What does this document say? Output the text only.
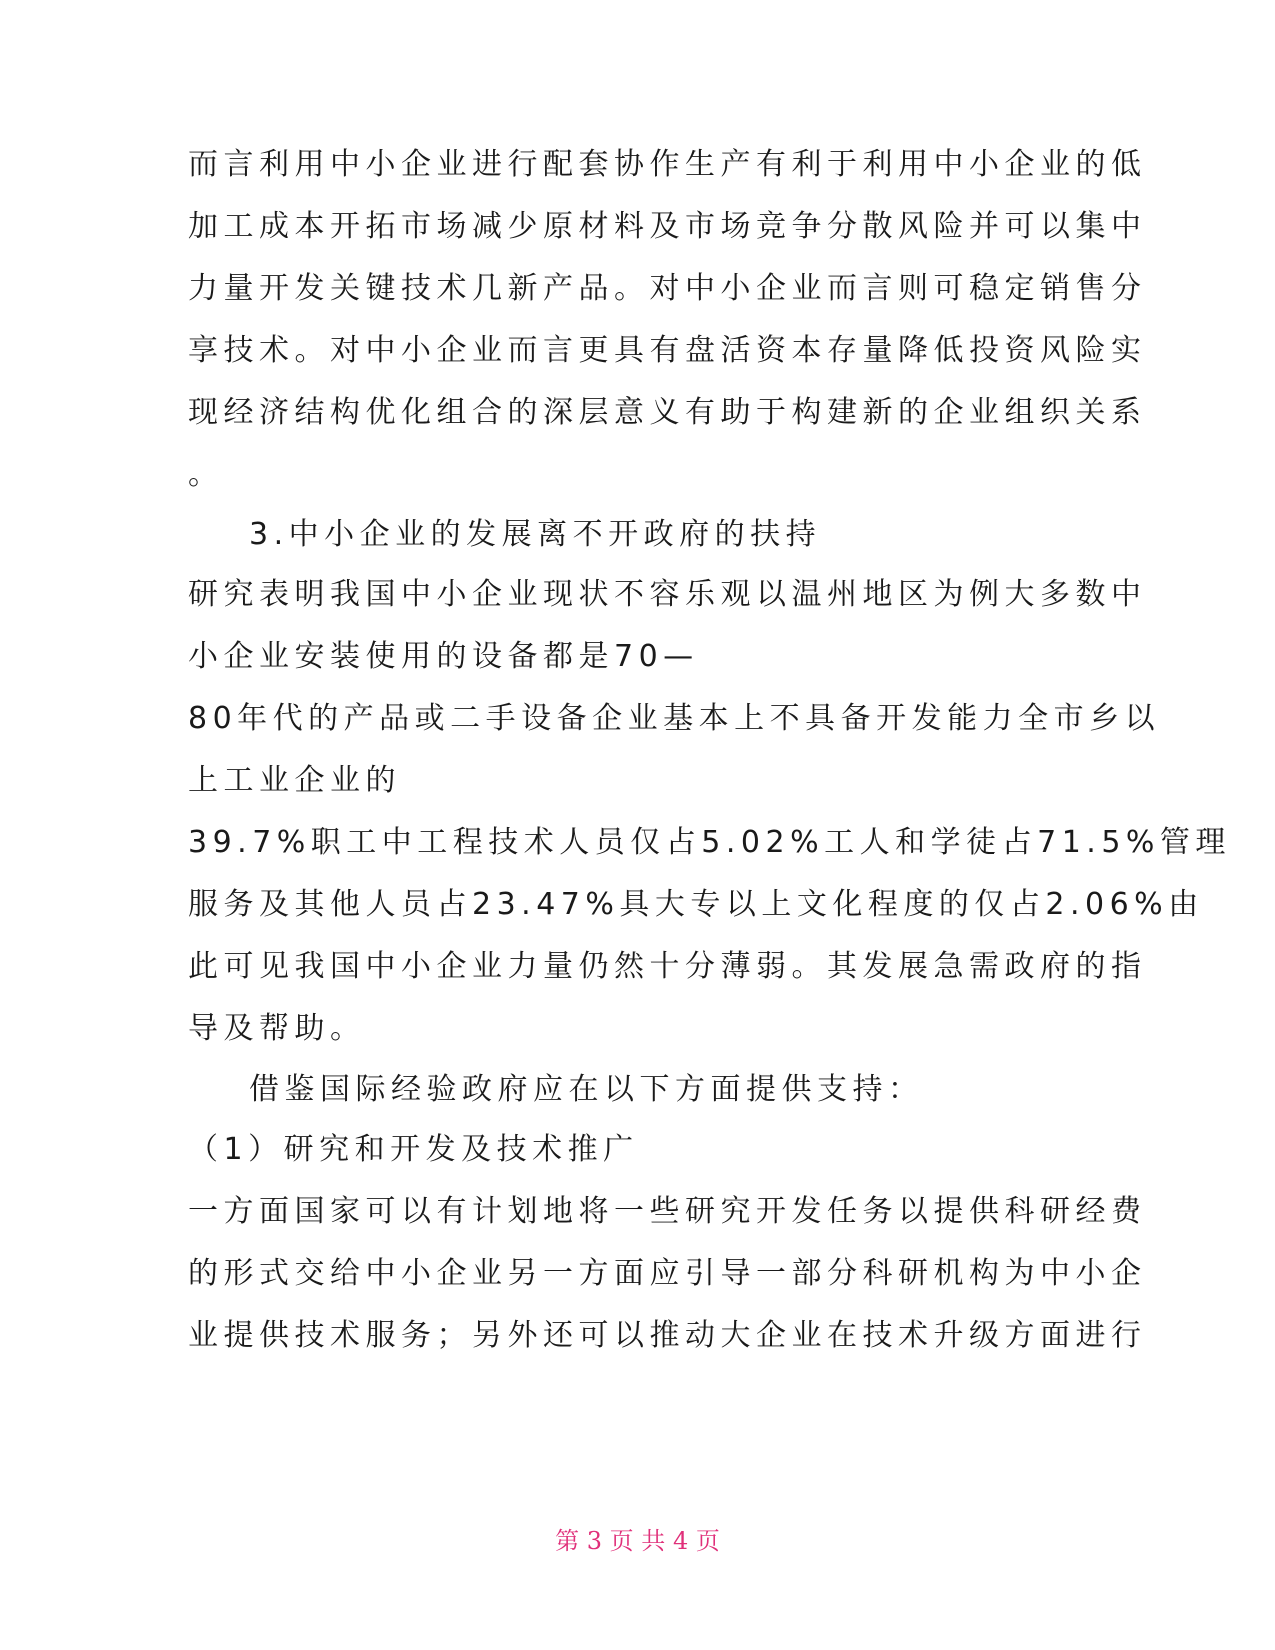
而言利用中小企业进行配套协作生产有利于利用中小企业的低
加工成本开拓市场减少原材料及市场竞争分散风险并可以集中
力量开发关键技术几新产品。对中小企业而言则可稳定销售分
享技术。对中小企业而言更具有盘活资本存量降低投资风险实
现经济结构优化组合的深层意义有助于构建新的企业组织关系
。
3.中小企业的发展离不开政府的扶持
研究表明我国中小企业现状不容乐观以温州地区为例大多数中
小企业安装使用的设备都是70—
80年代的产品或二手设备企业基本上不具备开发能力全市乡以
上工业企业的
39.7%职工中工程技术人员仅占5.02%工人和学徒占71.5%管理
服务及其他人员占23.47%具大专以上文化程度的仅占2.06%由
此可见我国中小企业力量仍然十分薄弱。其发展急需政府的指
导及帮助。
借鉴国际经验政府应在以下方面提供支持：
（1）研究和开发及技术推广
一方面国家可以有计划地将一些研究开发任务以提供科研经费
的形式交给中小企业另一方面应引导一部分科研机构为中小企
业提供技术服务；另外还可以推动大企业在技术升级方面进行
第 3 页 共 4 页
